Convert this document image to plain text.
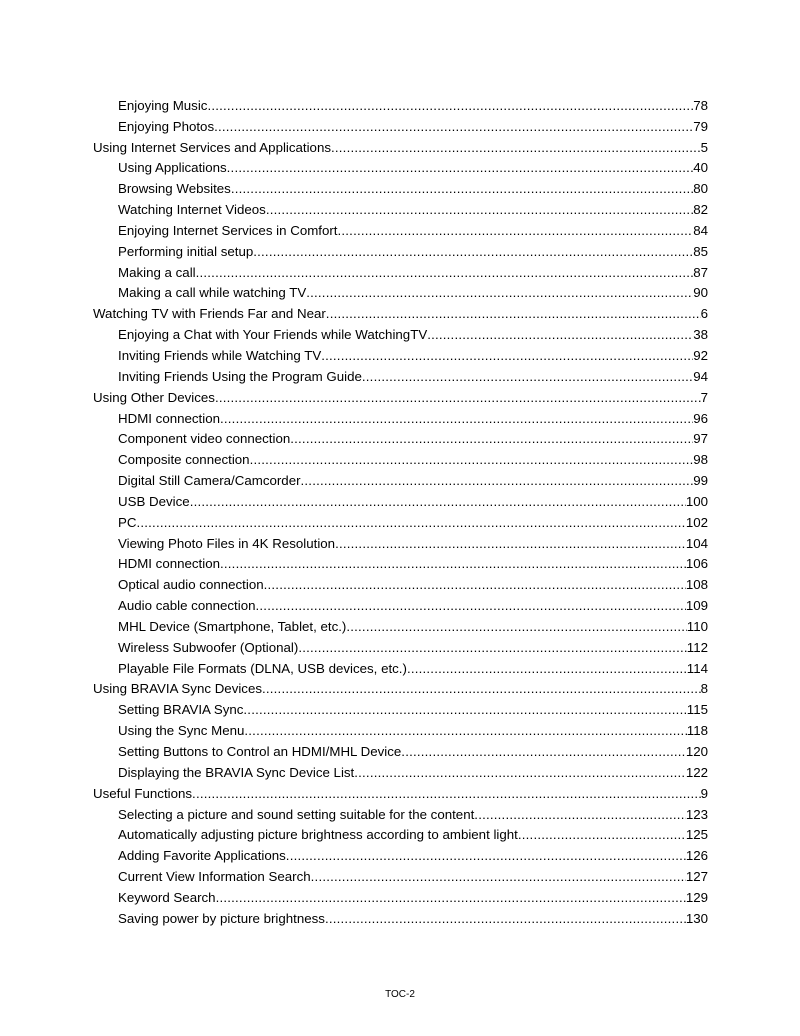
Enjoying Music .....	78
Enjoying Photos .....	79
Using Internet Services and Applications .....	5
Using Applications .....	40
Browsing Websites .....	80
Watching Internet Videos .....	82
Enjoying Internet Services in Comfort .....	84
Performing initial setup .....	85
Making a call .....	87
Making a call while watching TV .....	90
Watching TV with Friends Far and Near .....	6
Enjoying a Chat with Your Friends while WatchingTV .....	38
Inviting Friends while Watching TV .....	92
Inviting Friends Using the Program Guide .....	94
Using Other Devices .....	7
HDMI connection .....	96
Component video connection .....	97
Composite connection .....	98
Digital Still Camera/Camcorder .....	99
USB Device .....	100
PC .....	102
Viewing Photo Files in 4K Resolution .....	104
HDMI connection .....	106
Optical audio connection .....	108
Audio cable connection .....	109
MHL Device (Smartphone, Tablet, etc.) .....	110
Wireless Subwoofer (Optional) .....	112
Playable File Formats (DLNA, USB devices, etc.) .....	114
Using BRAVIA Sync Devices .....	8
Setting BRAVIA Sync .....	115
Using the Sync Menu .....	118
Setting Buttons to Control an HDMI/MHL Device .....	120
Displaying the BRAVIA Sync Device List .....	122
Useful Functions .....	9
Selecting a picture and sound setting suitable for the content .....	123
Automatically adjusting picture brightness according to ambient light .....	125
Adding Favorite Applications .....	126
Current View Information Search .....	127
Keyword Search .....	129
Saving power by picture brightness .....	130
TOC-2
